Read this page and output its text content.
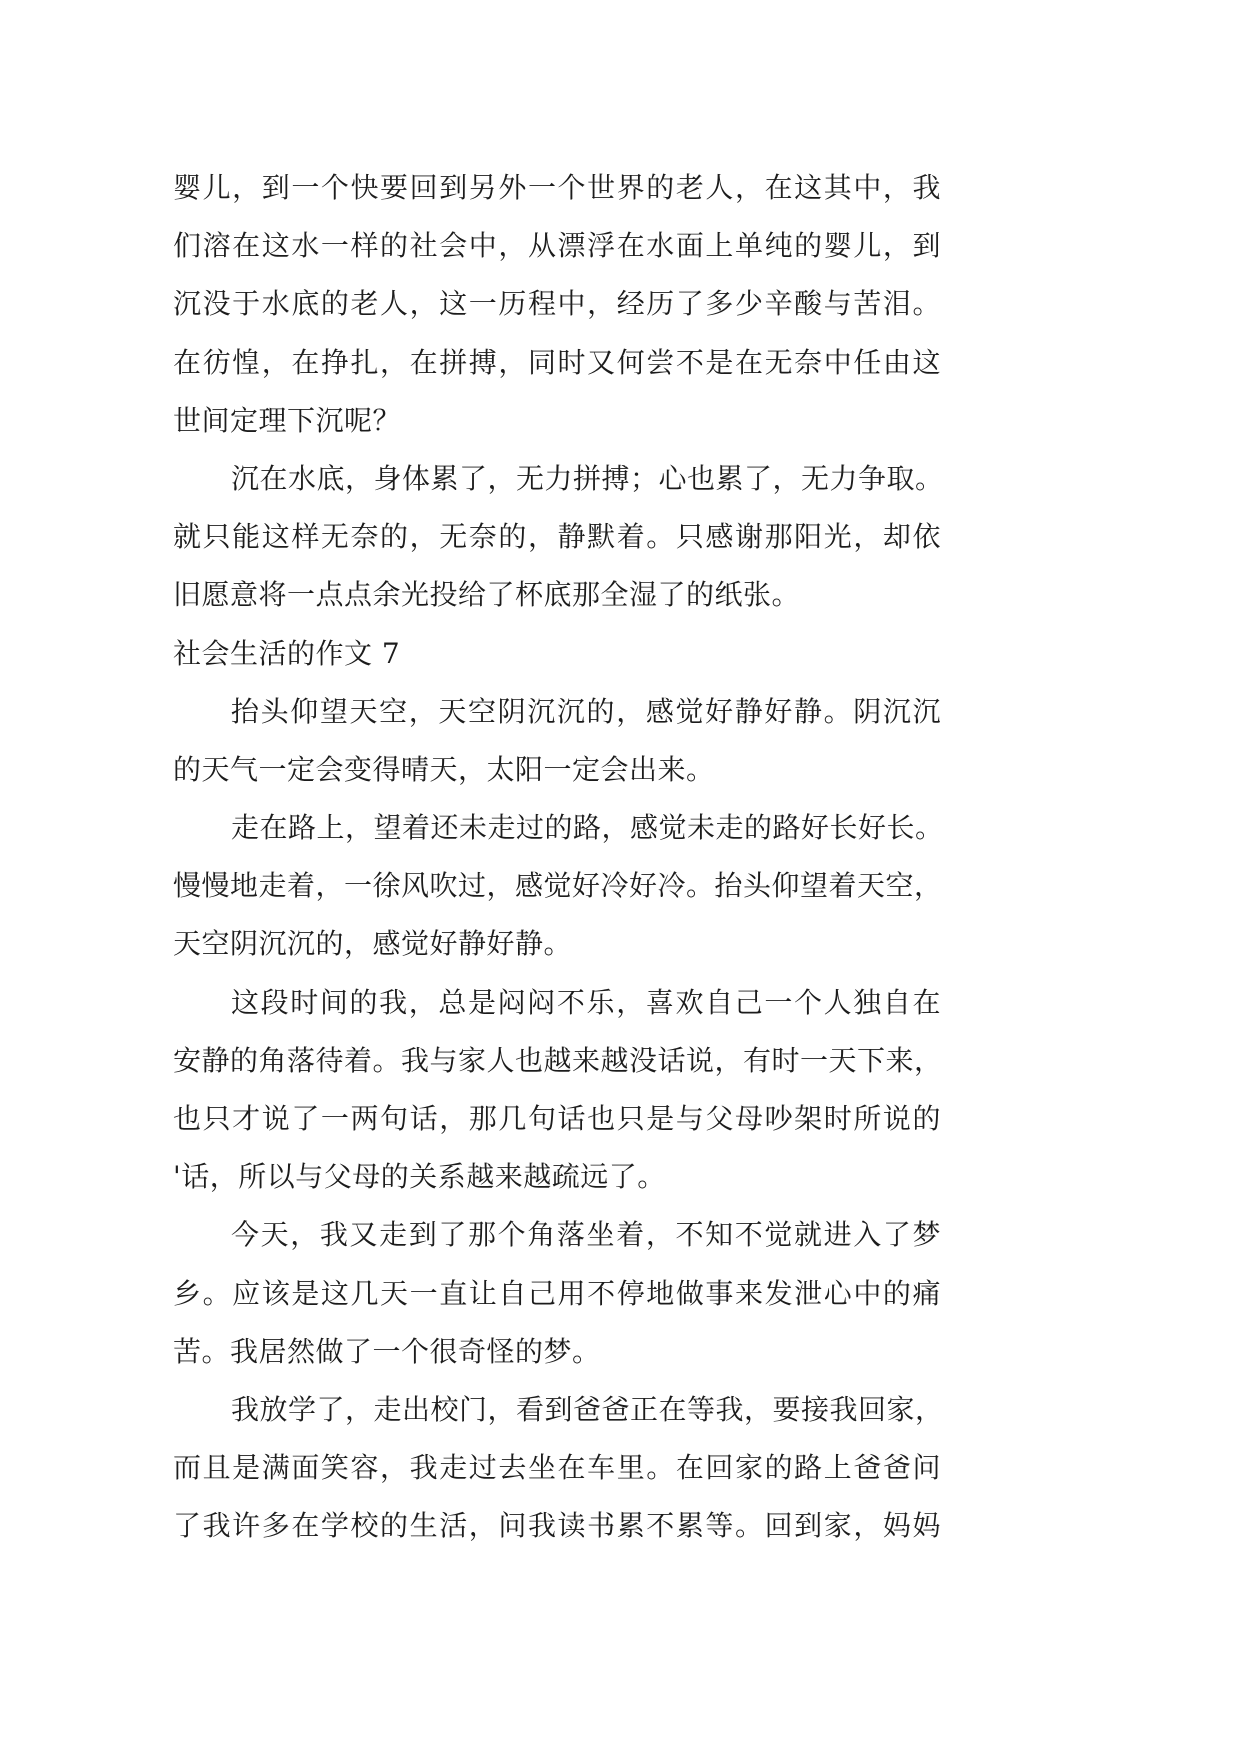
婴儿，到一个快要回到另外一个世界的老人，在这其中，我
们溶在这水一样的社会中，从漂浮在水面上单纯的婴儿，到
沉没于水底的老人，这一历程中，经历了多少辛酸与苦泪。
在彷惶，在挣扎，在拼搏，同时又何尝不是在无奈中任由这
世间定理下沉呢？
沉在水底，身体累了，无力拼搏；心也累了，无力争取。
就只能这样无奈的，无奈的，静默着。只感谢那阳光，却依
旧愿意将一点点余光投给了杯底那全湿了的纸张。
社会生活的作文 7
抬头仰望天空，天空阴沉沉的，感觉好静好静。阴沉沉
的天气一定会变得晴天，太阳一定会出来。
走在路上，望着还未走过的路，感觉未走的路好长好长。
慢慢地走着，一徐风吹过，感觉好冷好冷。抬头仰望着天空，
天空阴沉沉的，感觉好静好静。
这段时间的我，总是闷闷不乐，喜欢自己一个人独自在
安静的角落待着。我与家人也越来越没话说，有时一天下来，
也只才说了一两句话，那几句话也只是与父母吵架时所说的
'话，所以与父母的关系越来越疏远了。
今天，我又走到了那个角落坐着，不知不觉就进入了梦
乡。应该是这几天一直让自己用不停地做事来发泄心中的痛
苦。我居然做了一个很奇怪的梦。
我放学了，走出校门，看到爸爸正在等我，要接我回家，
而且是满面笑容，我走过去坐在车里。在回家的路上爸爸问
了我许多在学校的生活，问我读书累不累等。回到家，妈妈
